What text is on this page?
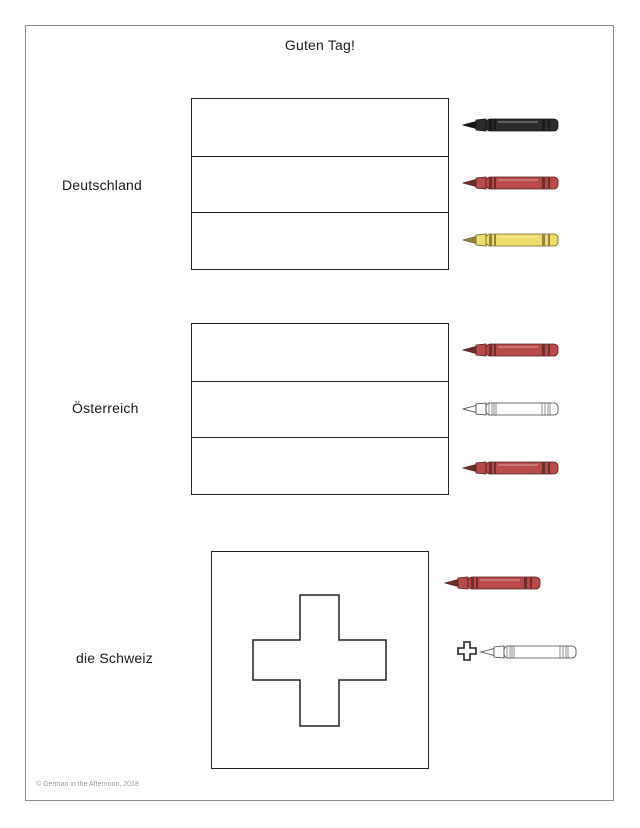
Guten Tag!
Deutschland
Österreich
die Schweiz
© German in the Afternoon, 2018
